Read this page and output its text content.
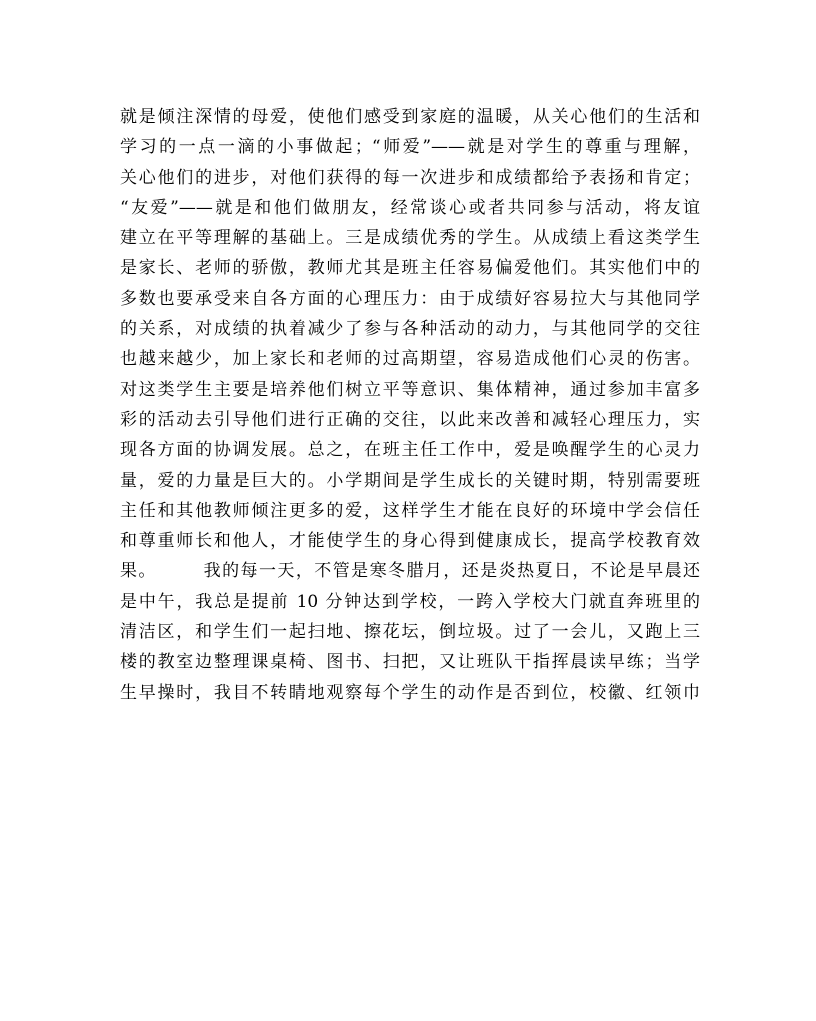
就是倾注深情的母爱，使他们感受到家庭的温暖，从关心他们的生活和
学习的一点一滴的小事做起；“师爱”——就是对学生的尊重与理解，
关心他们的进步，对他们获得的每一次进步和成绩都给予表扬和肯定；
“友爱”——就是和他们做朋友，经常谈心或者共同参与活动，将友谊
建立在平等理解的基础上。三是成绩优秀的学生。从成绩上看这类学生
是家长、老师的骄傲，教师尤其是班主任容易偏爱他们。其实他们中的
多数也要承受来自各方面的心理压力：由于成绩好容易拉大与其他同学
的关系，对成绩的执着减少了参与各种活动的动力，与其他同学的交往
也越来越少，加上家长和老师的过高期望，容易造成他们心灵的伤害。
对这类学生主要是培养他们树立平等意识、集体精神，通过参加丰富多
彩的活动去引导他们进行正确的交往，以此来改善和减轻心理压力，实
现各方面的协调发展。总之，在班主任工作中，爱是唤醒学生的心灵力
量，爱的力量是巨大的。小学期间是学生成长的关键时期，特别需要班
主任和其他教师倾注更多的爱，这样学生才能在良好的环境中学会信任
和尊重师长和他人，才能使学生的身心得到健康成长，提高学校教育效
果。　　　我的每一天，不管是寒冬腊月，还是炎热夏日，不论是早晨还
是中午，我总是提前 10 分钟达到学校，一跨入学校大门就直奔班里的
清洁区，和学生们一起扫地、擦花坛，倒垃圾。过了一会儿，又跑上三
楼的教室边整理课桌椅、图书、扫把，又让班队干指挥晨读早练；当学
生早操时，我目不转睛地观察每个学生的动作是否到位，校徽、红领巾
